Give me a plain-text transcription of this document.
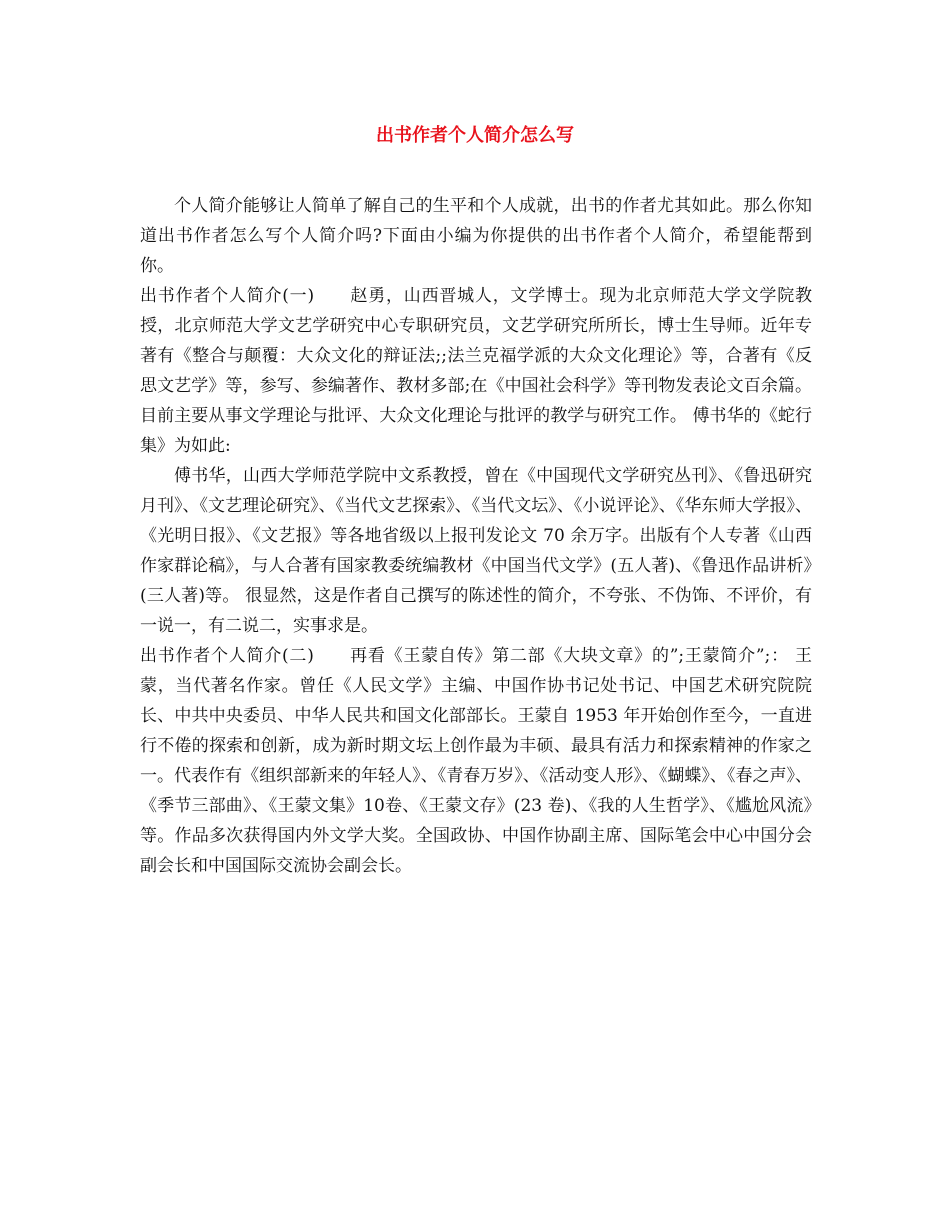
出书作者个人简介怎么写

个人简介能够让人简单了解自己的生平和个人成就，出书的作者尤其如此。那么你知道出书作者怎么写个人简介吗?下面由小编为你提供的出书作者个人简介，希望能帮到你。

出书作者个人简介(一)　　赵勇，山西晋城人，文学博士。现为北京师范大学文学院教授，北京师范大学文艺学研究中心专职研究员，文艺学研究所所长，博士生导师。近年专著有《整合与颠覆：大众文化的辩证法;;法兰克福学派的大众文化理论》等，合著有《反思文艺学》等，参写、参编著作、教材多部;在《中国社会科学》等刊物发表论文百余篇。目前主要从事文学理论与批评、大众文化理论与批评的教学与研究工作。 傅书华的《蛇行集》为如此:

傅书华，山西大学师范学院中文系教授，曾在《中国现代文学研究丛刊》、《鲁迅研究月刊》、《文艺理论研究》、《当代文艺探索》、《当代文坛》、《小说评论》、《华东师大学报》、《光明日报》、《文艺报》等各地省级以上报刊发论文 70 余万字。出版有个人专著《山西作家群论稿》，与人合著有国家教委统编教材《中国当代文学》(五人著)、《鲁迅作品讲析》(三人著)等。 很显然，这是作者自己撰写的陈述性的简介，不夸张、不伪饰、不评价，有一说一，有二说二，实事求是。

出书作者个人简介(二)　　再看《王蒙自传》第二部《大块文章》的”;王蒙简介”;： 王蒙，当代著名作家。曾任《人民文学》主编、中国作协书记处书记、中国艺术研究院院长、中共中央委员、中华人民共和国文化部部长。王蒙自 1953 年开始创作至今，一直进行不倦的探索和创新，成为新时期文坛上创作最为丰硕、最具有活力和探索精神的作家之一。代表作有《组织部新来的年轻人》、《青春万岁》、《活动变人形》、《蝴蝶》、《春之声》、《季节三部曲》、《王蒙文集》10卷、《王蒙文存》(23 卷)、《我的人生哲学》、《尴尬风流》等。作品多次获得国内外文学大奖。全国政协、中国作协副主席、国际笔会中心中国分会副会长和中国国际交流协会副会长。
